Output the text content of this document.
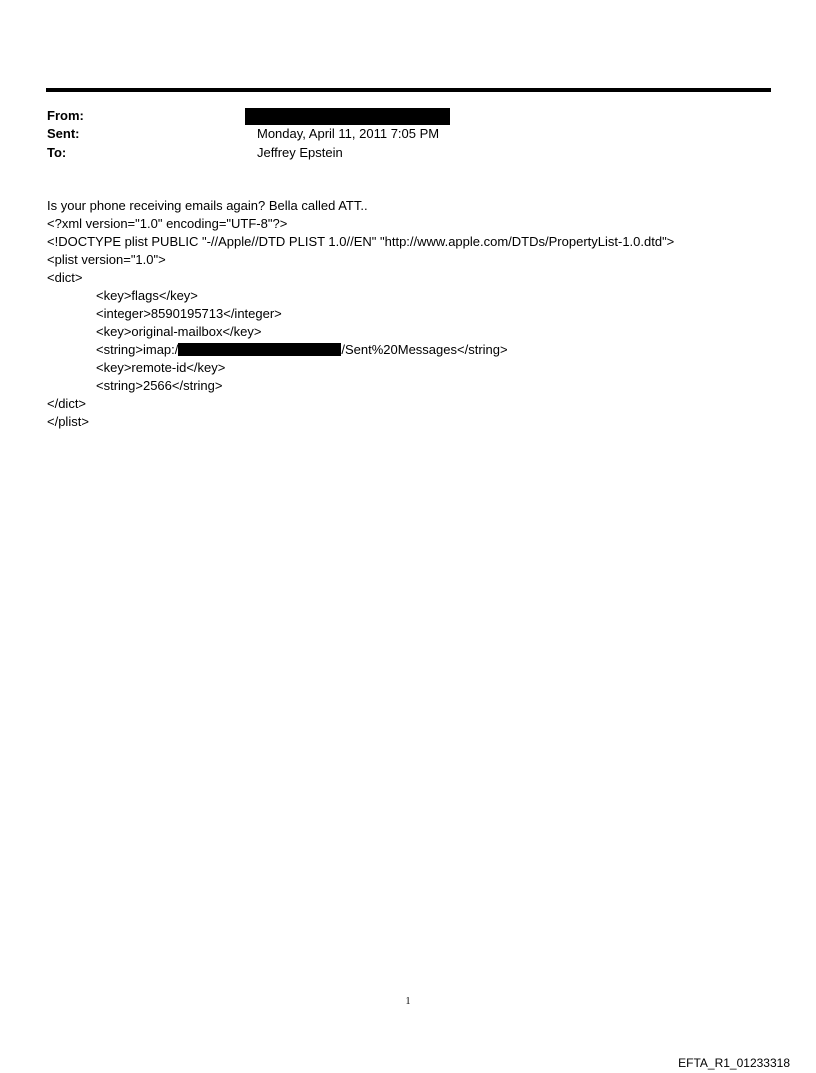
From:
Sent:	Monday, April 11, 2011 7:05 PM
To:	Jeffrey Epstein
Is your phone receiving emails again? Bella called ATT..
<?xml version="1.0" encoding="UTF-8"?>
<!DOCTYPE plist PUBLIC "-//Apple//DTD PLIST 1.0//EN" "http://www.apple.com/DTDs/PropertyList-1.0.dtd">
<plist version="1.0">
<dict>
<key>flags</key>
<integer>8590195713</integer>
<key>original-mailbox</key>
<string>imap:/	/Sent%20Messages</string>
<key>remote-id</key>
<string>2566</string>
</dict>
</plist>
1
EFTA_R1_01233318
